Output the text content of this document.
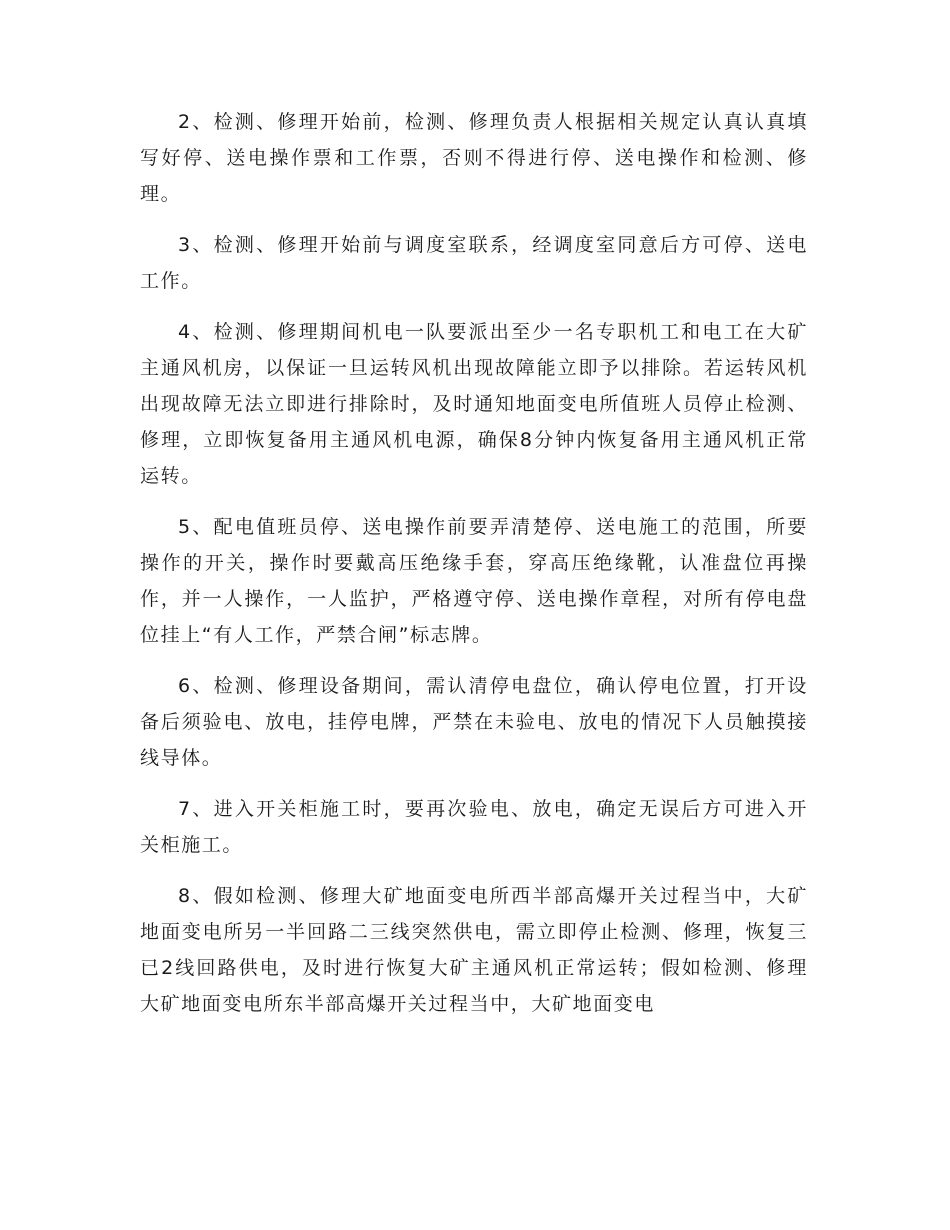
2、检测、修理开始前，检测、修理负责人根据相关规定认真认真填写好停、送电操作票和工作票，否则不得进行停、送电操作和检测、修理。

3、检测、修理开始前与调度室联系，经调度室同意后方可停、送电工作。

4、检测、修理期间机电一队要派出至少一名专职机工和电工在大矿主通风机房，以保证一旦运转风机出现故障能立即予以排除。若运转风机出现故障无法立即进行排除时，及时通知地面变电所值班人员停止检测、修理，立即恢复备用主通风机电源，确保8分钟内恢复备用主通风机正常运转。

5、配电值班员停、送电操作前要弄清楚停、送电施工的范围，所要操作的开关，操作时要戴高压绝缘手套，穿高压绝缘靴，认准盘位再操作，并一人操作，一人监护，严格遵守停、送电操作章程，对所有停电盘位挂上“有人工作，严禁合闸”标志牌。

6、检测、修理设备期间，需认清停电盘位，确认停电位置，打开设备后须验电、放电，挂停电牌，严禁在未验电、放电的情况下人员触摸接线导体。

7、进入开关柜施工时，要再次验电、放电，确定无误后方可进入开关柜施工。

8、假如检测、修理大矿地面变电所西半部高爆开关过程当中，大矿地面变电所另一半回路二三线突然供电，需立即停止检测、修理，恢复三已2线回路供电，及时进行恢复大矿主通风机正常运转；假如检测、修理大矿地面变电所东半部高爆开关过程当中，大矿地面变电
